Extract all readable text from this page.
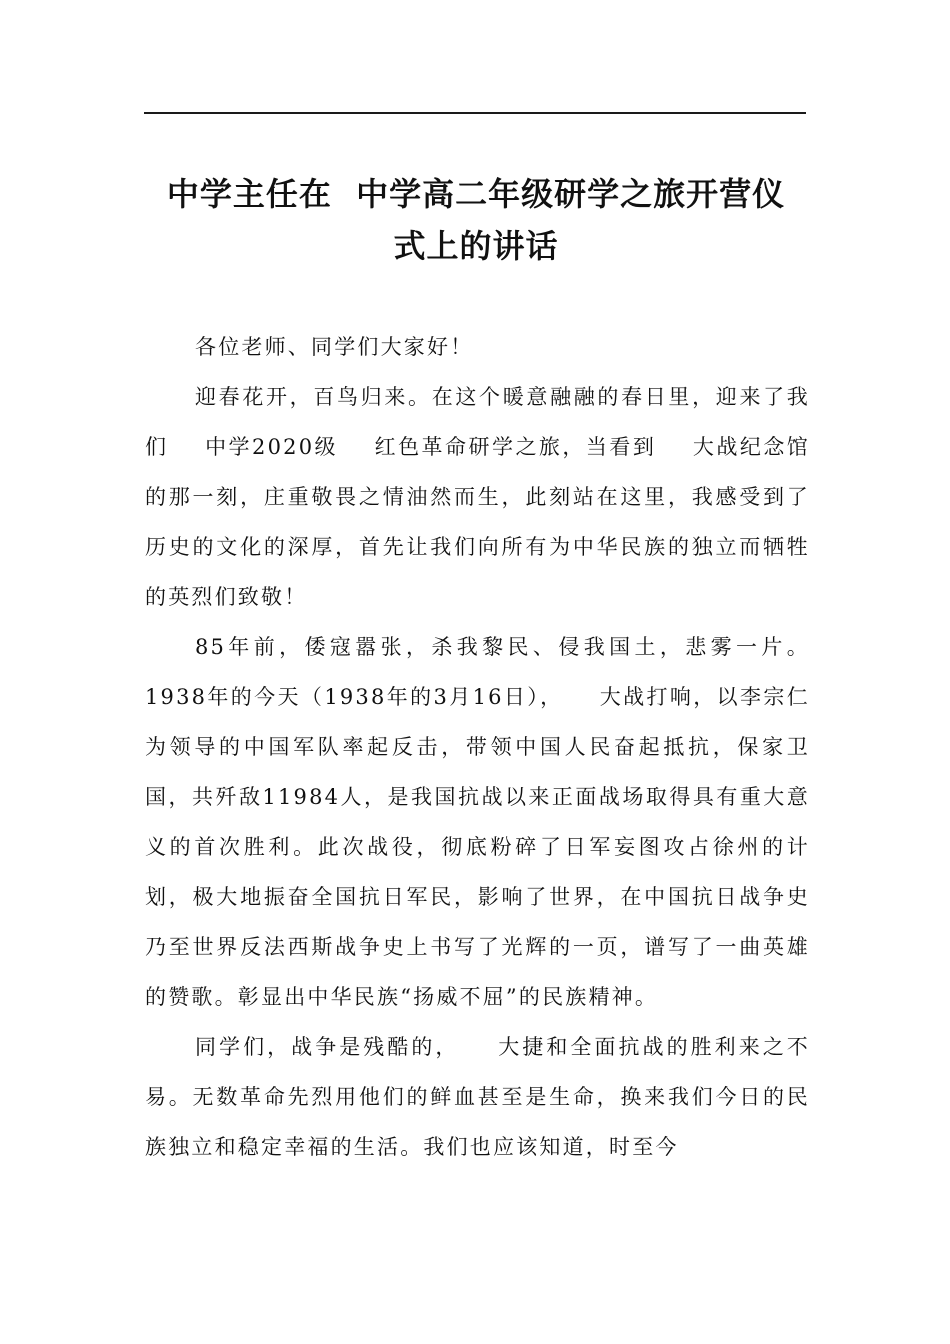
中学主任在  中学高二年级研学之旅开营仪
式上的讲话

各位老师、同学们大家好！

迎春花开，百鸟归来。在这个暖意融融的春日里，迎来了我们    中学2020级    红色革命研学之旅，当看到    大战纪念馆的那一刻，庄重敬畏之情油然而生，此刻站在这里，我感受到了    历史的文化的深厚，首先让我们向所有为中华民族的独立而牺牲的英烈们致敬！

85年前，倭寇嚣张，杀我黎民、侵我国土，悲雾一片。1938年的今天（1938年的3月16日），    大战打响，以李宗仁为领导的中国军队率起反击，带领中国人民奋起抵抗，保家卫国，共歼敌11984人，是我国抗战以来正面战场取得具有重大意义的首次胜利。此次战役，彻底粉碎了日军妄图攻占徐州的计划，极大地振奋全国抗日军民，影响了世界，在中国抗日战争史乃至世界反法西斯战争史上书写了光辉的一页，谱写了一曲英雄的赞歌。彰显出中华民族“扬威不屈”的民族精神。

同学们，战争是残酷的，    大捷和全面抗战的胜利来之不易。无数革命先烈用他们的鲜血甚至是生命，换来我们今日的民族独立和稳定幸福的生活。我们也应该知道，时至今
